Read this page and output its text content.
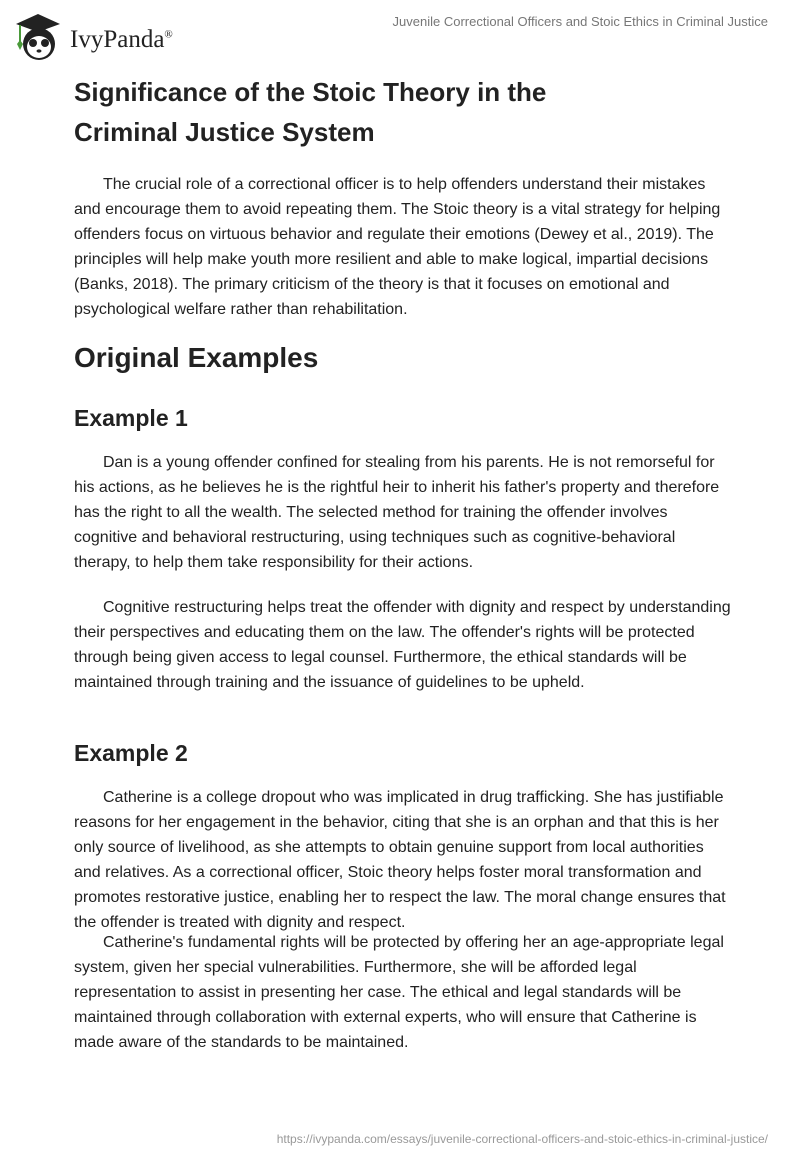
IvyPanda®
Juvenile Correctional Officers and Stoic Ethics in Criminal Justice
Significance of the Stoic Theory in the Criminal Justice System

The crucial role of a correctional officer is to help offenders understand their mistakes and encourage them to avoid repeating them. The Stoic theory is a vital strategy for helping offenders focus on virtuous behavior and regulate their emotions (Dewey et al., 2019). The principles will help make youth more resilient and able to make logical, impartial decisions (Banks, 2018). The primary criticism of the theory is that it focuses on emotional and psychological welfare rather than rehabilitation.

Original Examples
Example 1

Dan is a young offender confined for stealing from his parents. He is not remorseful for his actions, as he believes he is the rightful heir to inherit his father's property and therefore has the right to all the wealth. The selected method for training the offender involves cognitive and behavioral restructuring, using techniques such as cognitive-behavioral therapy, to help them take responsibility for their actions.

Cognitive restructuring helps treat the offender with dignity and respect by understanding their perspectives and educating them on the law. The offender's rights will be protected through being given access to legal counsel. Furthermore, the ethical standards will be maintained through training and the issuance of guidelines to be upheld.

Example 2

Catherine is a college dropout who was implicated in drug trafficking. She has justifiable reasons for her engagement in the behavior, citing that she is an orphan and that this is her only source of livelihood, as she attempts to obtain genuine support from local authorities and relatives. As a correctional officer, Stoic theory helps foster moral transformation and promotes restorative justice, enabling her to respect the law. The moral change ensures that the offender is treated with dignity and respect.

Catherine's fundamental rights will be protected by offering her an age-appropriate legal system, given her special vulnerabilities. Furthermore, she will be afforded legal representation to assist in presenting her case. The ethical and legal standards will be maintained through collaboration with external experts, who will ensure that Catherine is made aware of the standards to be maintained.

https://ivypanda.com/essays/juvenile-correctional-officers-and-stoic-ethics-in-criminal-justice/
